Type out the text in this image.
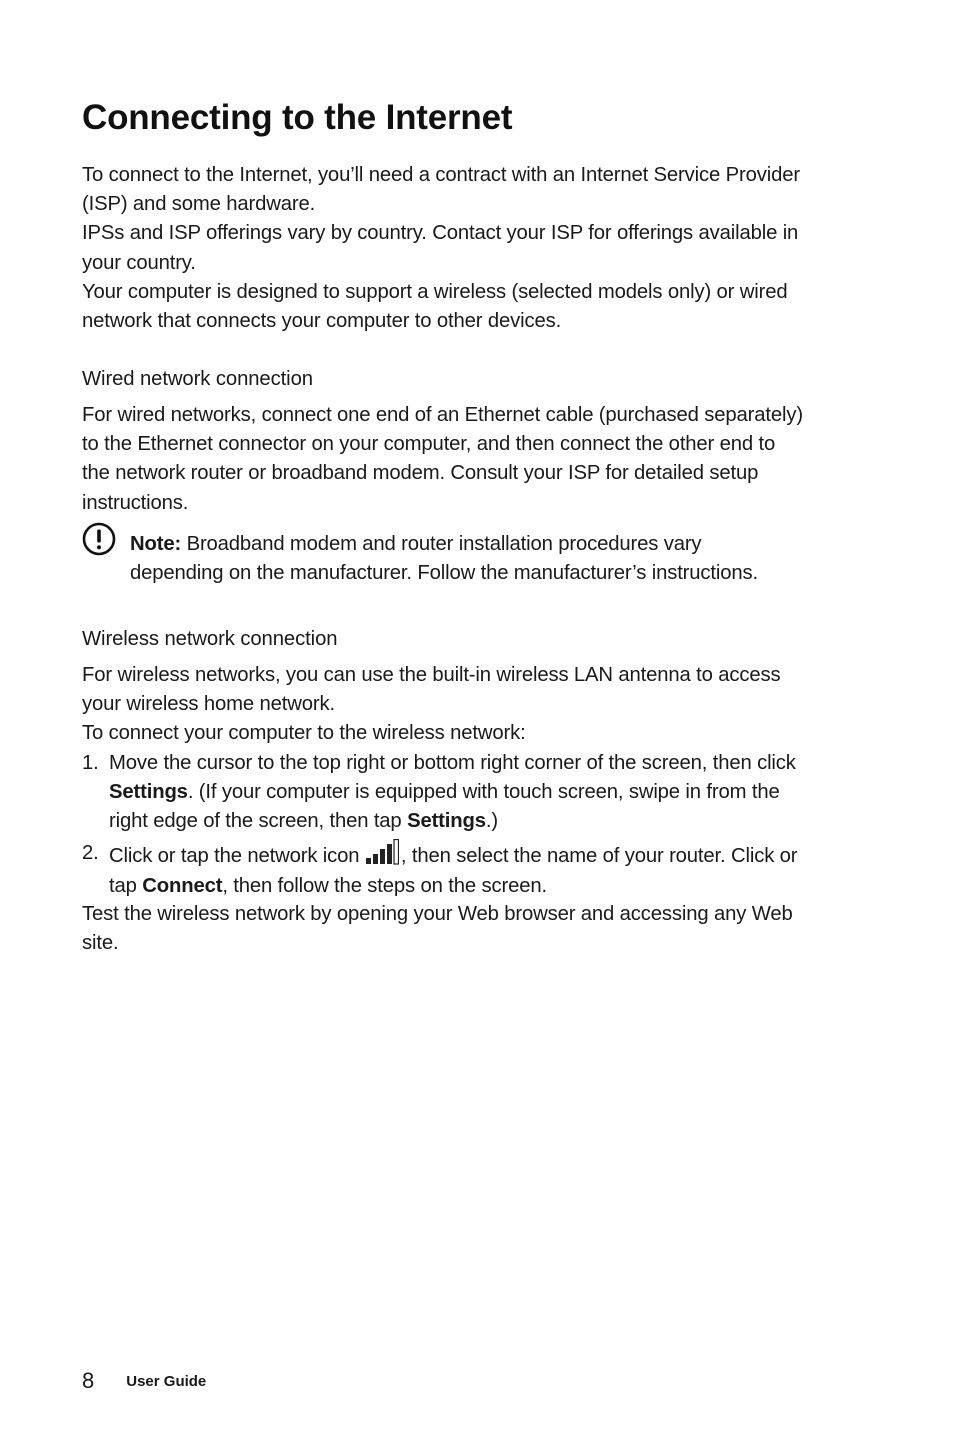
Connecting to the Internet
To connect to the Internet, you’ll need a contract with an Internet Service Provider
(ISP) and some hardware.
IPSs and ISP offerings vary by country. Contact your ISP for offerings available in
your country.
Your computer is designed to support a wireless (selected models only) or wired
network that connects your computer to other devices.
Wired network connection
For wired networks, connect one end of an Ethernet cable (purchased separately)
to the Ethernet connector on your computer, and then connect the other end to
the network router or broadband modem. Consult your ISP for detailed setup
instructions.
Note: Broadband modem and router installation procedures vary
depending on the manufacturer. Follow the manufacturer’s instructions.
Wireless network connection
For wireless networks, you can use the built-in wireless LAN antenna to access
your wireless home network.
To connect your computer to the wireless network:
1. Move the cursor to the top right or bottom right corner of the screen, then click
Settings. (If your computer is equipped with touch screen, swipe in from the
right edge of the screen, then tap Settings.)
2. Click or tap the network icon , then select the name of your router. Click or
tap Connect, then follow the steps on the screen.
Test the wireless network by opening your Web browser and accessing any Web
site.
8 User Guide
